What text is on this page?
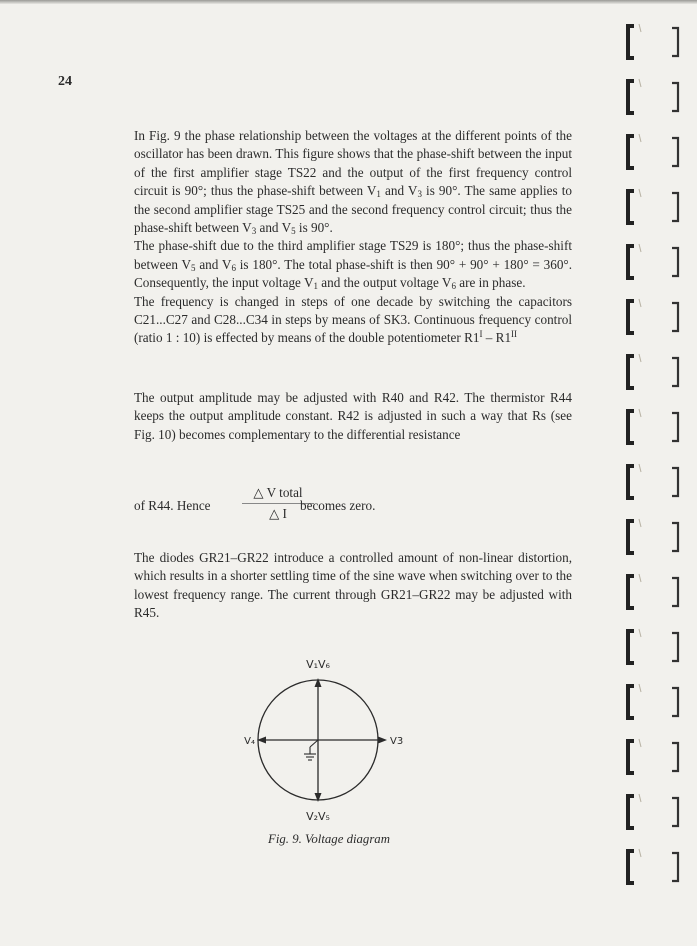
24

In Fig. 9 the phase relationship between the voltages at the different points of the oscillator has been drawn. This figure shows that the phase-shift between the input of the first amplifier stage TS22 and the output of the first frequency control circuit is 90°; thus the phase-shift between $V_1$ and $V_3$ is 90°. The same applies to the second amplifier stage TS25 and the second frequency control circuit; thus the phase-shift between $V_3$ and $V_5$ is 90°.

The phase-shift due to the third amplifier stage TS29 is 180°; thus the phase-shift between $V_5$ and $V_6$ is 180°. The total phase-shift is then 90° + 90° + 180° = 360°. Consequently, the input voltage $V_1$ and the output voltage $V_6$ are in phase.

The frequency is changed in steps of one decade by switching the capacitors C21...C27 and C28...C34 in steps by means of SK3. Continuous frequency control (ratio 1 : 10) is effected by means of the double potentiometer $R1^I - R1^{II}$

The output amplitude may be adjusted with R40 and R42. The thermistor R44 keeps the output amplitude constant. R42 is adjusted in such a way that Rs (see Fig. 10) becomes complementary to the differential resistance

of R44. Hence
△ V total
△ I
becomes zero.

The diodes GR21–GR22 introduce a controlled amount of non-linear distortion, which results in a shorter settling time of the sine wave when switching over to the lowest frequency range. The current through GR21–GR22 may be adjusted with R45.

V₁V₆
V₂V₅
V₄	V3
Fig. 9. Voltage diagram
